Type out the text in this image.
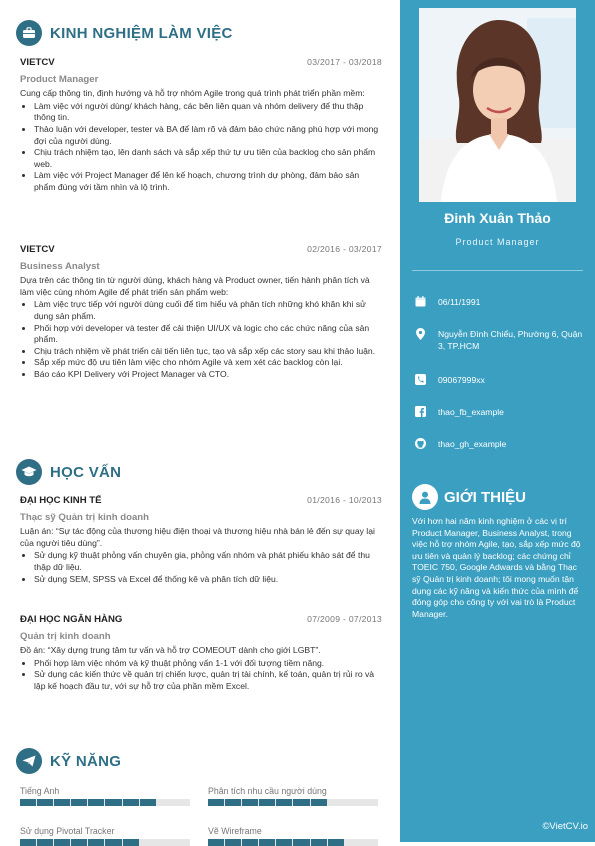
KINH NGHIỆM LÀM VIỆC
VIETCV	03/2017 - 03/2018
Product Manager

Cung cấp thông tin, định hướng và hỗ trợ nhóm Agile trong quá trình phát triển phần mềm:

• Làm việc với người dùng/ khách hàng, các bên liên quan và nhóm delivery để thu thập thông tin.
• Thảo luận với developer, tester và BA để làm rõ và đảm bảo chức năng phù hợp với mong đợi của người dùng.
• Chịu trách nhiệm tạo, lên danh sách và sắp xếp thứ tự ưu tiên của backlog cho sản phẩm web.
• Làm việc với Project Manager để lên kế hoạch, chương trình dự phòng, đảm bảo sản phẩm đúng với tầm nhìn và lộ trình.
VIETCV	02/2016 - 03/2017
Business Analyst

Dựa trên các thông tin từ người dùng, khách hàng và Product owner, tiến hành phân tích và làm việc cùng nhóm Agile để phát triển sản phẩm web:

• Làm việc trực tiếp với người dùng cuối để tìm hiểu và phân tích những khó khăn khi sử dụng sản phẩm.
• Phối hợp với developer và tester để cải thiện UI/UX và logic cho các chức năng của sản phẩm.
• Chịu trách nhiệm về phát triển cải tiến liên tục, tạo và sắp xếp các story sau khi thảo luận.
• Sắp xếp mức độ ưu tiên làm việc cho nhóm Agile và xem xét các backlog còn lại.
• Báo cáo KPI Delivery với Project Manager và CTO.
HỌC VẤN
ĐẠI HỌC KINH TẾ	01/2016 - 10/2013
Thạc sỹ Quản trị kinh doanh

Luận án: “Sự tác động của thương hiệu điện thoại và thương hiệu nhà bán lẻ đến sự quay lại của người tiêu dùng”.

• Sử dụng kỹ thuật phỏng vấn chuyên gia, phỏng vấn nhóm và phát phiếu khảo sát để thu thập dữ liệu.
• Sử dụng SEM, SPSS và Excel để thống kê và phân tích dữ liệu.
ĐẠI HỌC NGÂN HÀNG	07/2009 - 07/2013
Quản trị kinh doanh

Đồ án: “Xây dựng trung tâm tư vấn và hỗ trợ COMEOUT dành cho giới LGBT”.

• Phối hợp làm việc nhóm và kỹ thuật phỏng vấn 1-1 với đối tượng tiềm năng.
• Sử dụng các kiến thức về quản trị chiến lược, quản trị tài chính, kế toán, quản trị rủi ro và lập kế hoạch đầu tư, với sự hỗ trợ của phần mềm Excel.
KỸ NĂNG
Tiếng Anh	Phân tích nhu cầu người dùng
Sử dụng Pivotal Tracker	Vẽ Wireframe
Đinh Xuân Thảo
Product Manager
06/11/1991
Nguyễn Đình Chiểu, Phường 6, Quận 3, TP.HCM
09067999xx
thao_fb_example
thao_gh_example
GIỚI THIỆU
Với hơn hai năm kinh nghiệm ở các vị trí Product Manager, Business Analyst, trong việc hỗ trợ nhóm Agile, tạo, sắp xếp mức độ ưu tiên và quản lý backlog; các chứng chỉ TOEIC 750, Google Adwards và bằng Thạc sỹ Quản trị kinh doanh; tôi mong muốn tận dụng các kỹ năng và kiến thức của mình để đóng góp cho công ty với vai trò là Product Manager.
©VietCV.io
